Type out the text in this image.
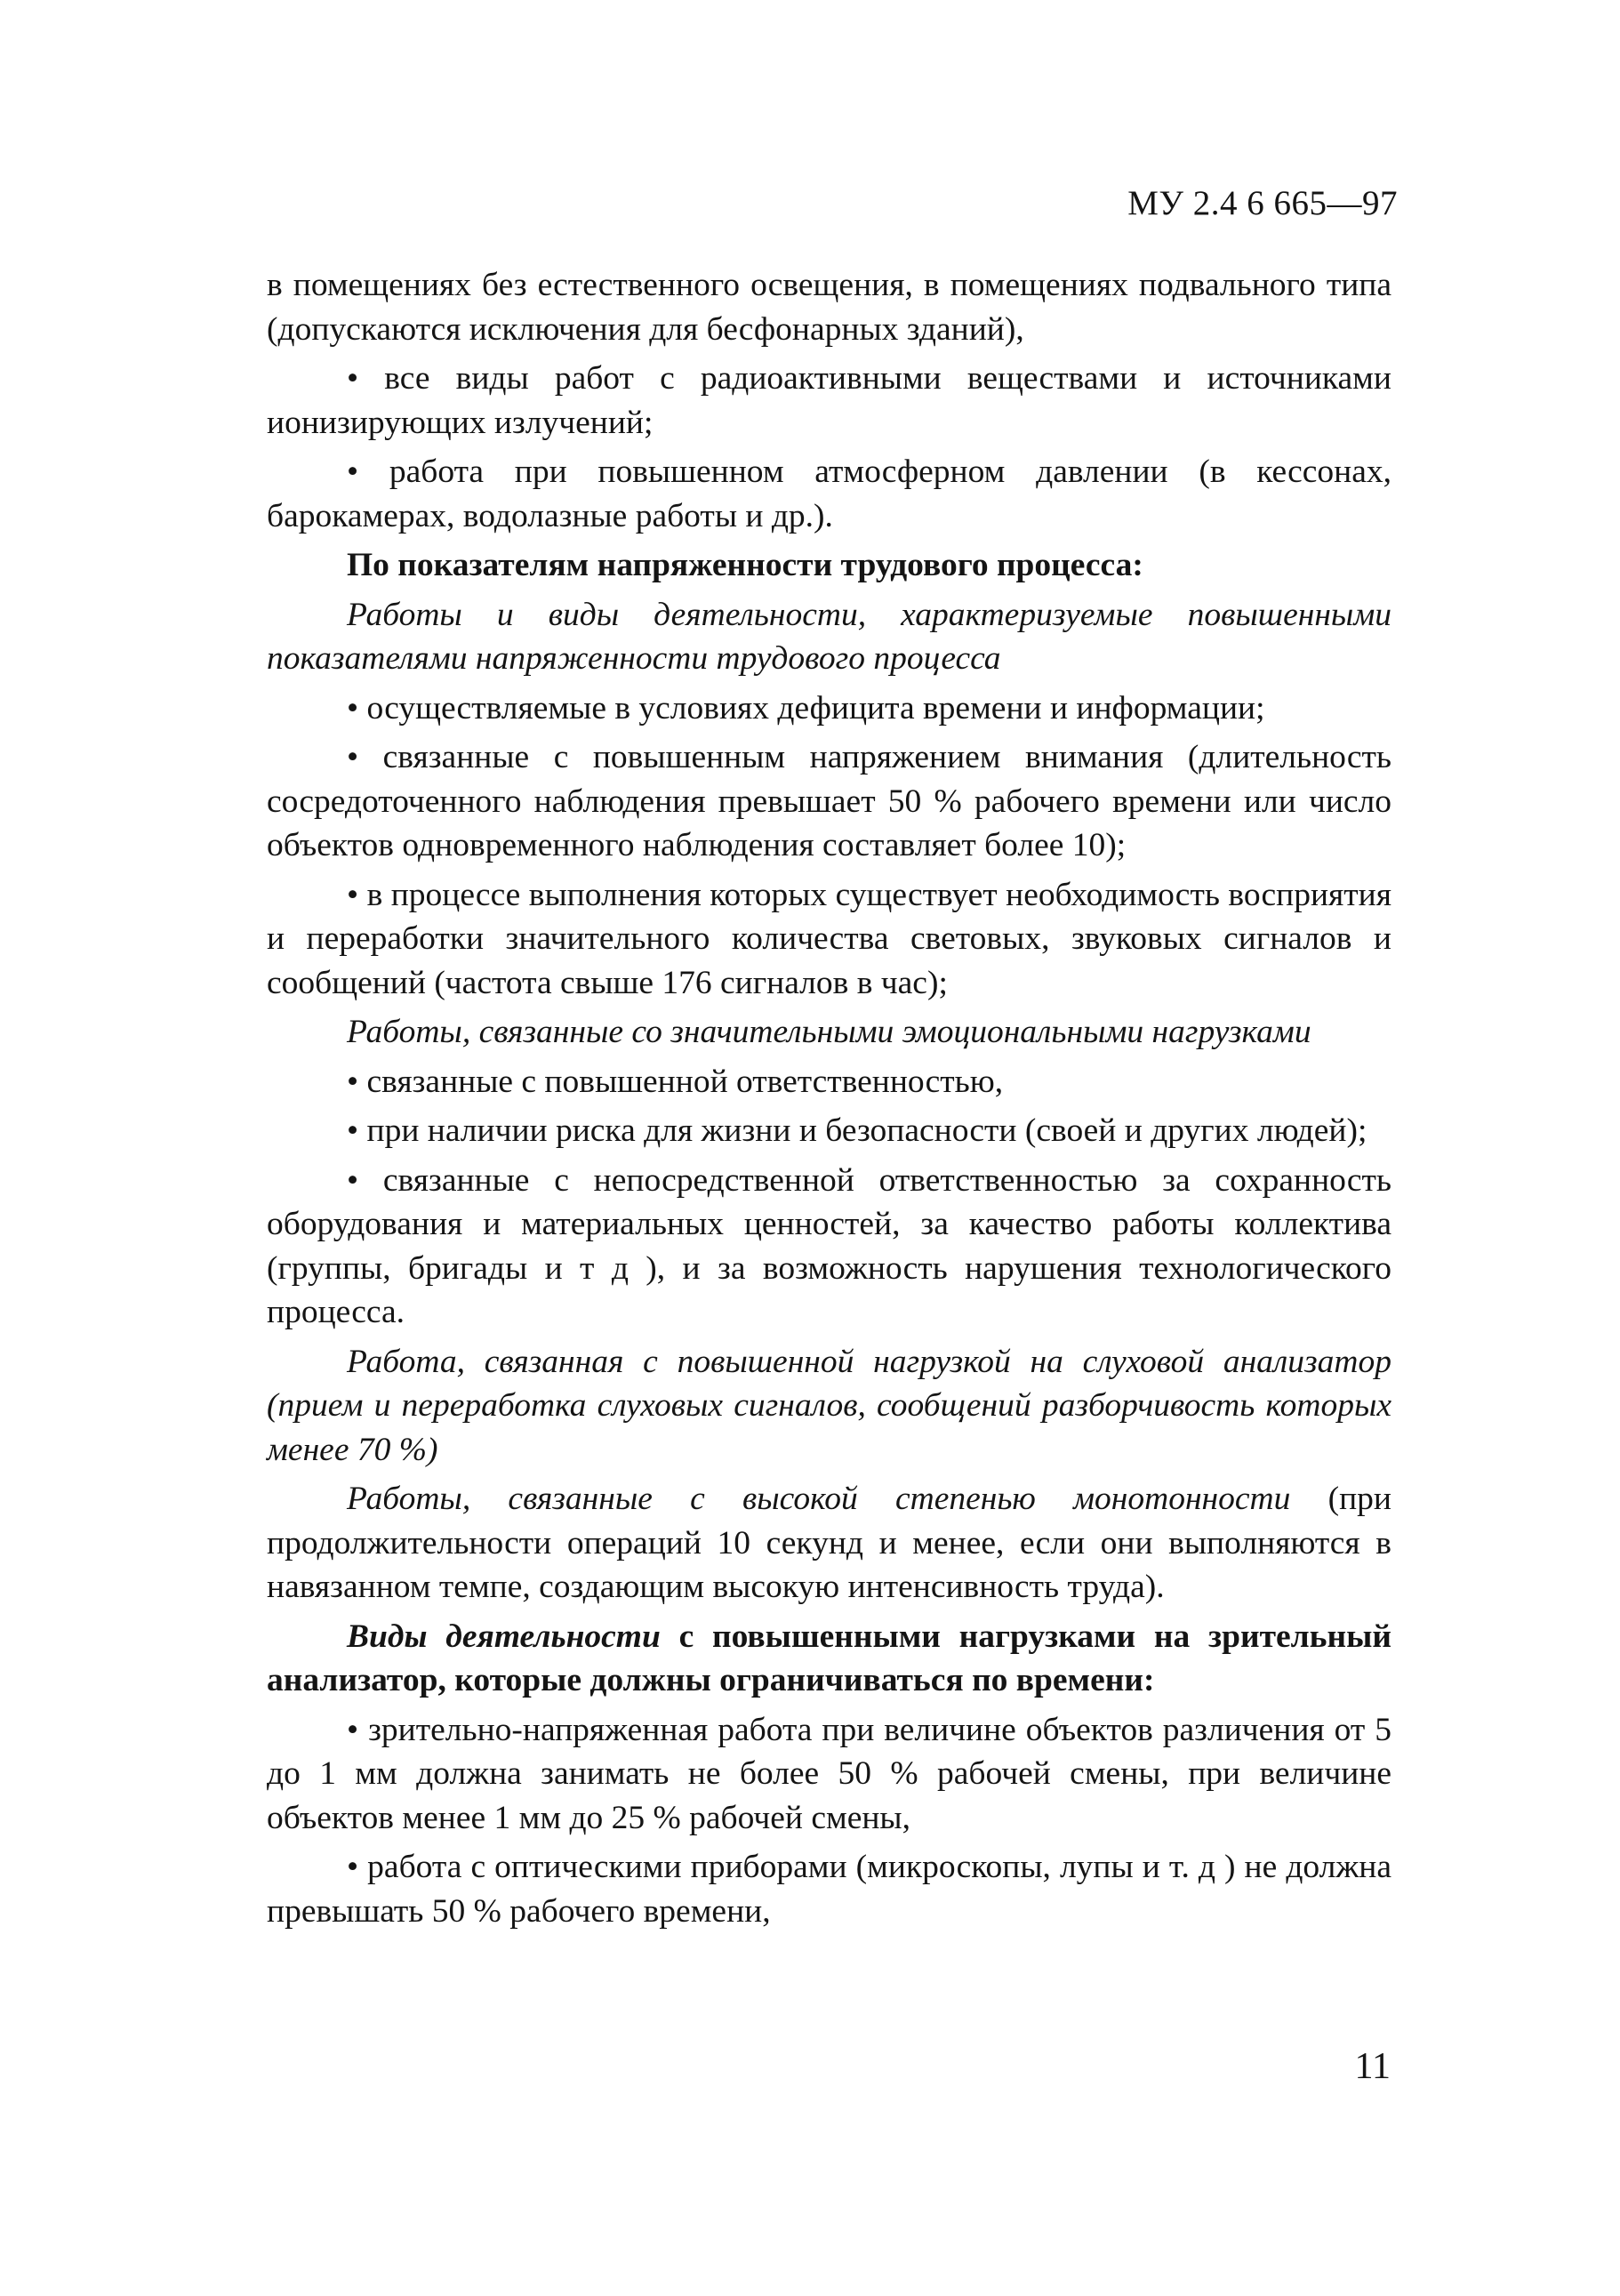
МУ 2.4 6 665—97

в помещениях без естественного освещения, в помещениях подвального типа (допускаются исключения для бесфонарных зданий),

• все виды работ с радиоактивными веществами и источниками ионизирующих излучений;

• работа при повышенном атмосферном давлении (в кессонах, барокамерах, водолазные работы и др.).

По показателям напряженности трудового процесса:

Работы и виды деятельности, характеризуемые повышенными показателями напряженности трудового процесса

• осуществляемые в условиях дефицита времени и информации;

• связанные с повышенным напряжением внимания (длительность сосредоточенного наблюдения превышает 50 % рабочего времени или число объектов одновременного наблюдения составляет более 10);

• в процессе выполнения которых существует необходимость восприятия и переработки значительного количества световых, звуковых сигналов и сообщений (частота свыше 176 сигналов в час);

Работы, связанные со значительными эмоциональными нагрузками

• связанные с повышенной ответственностью,

• при наличии риска для жизни и безопасности (своей и других людей);

• связанные с непосредственной ответственностью за сохранность оборудования и материальных ценностей, за качество работы коллектива (группы, бригады и т д ), и за возможность нарушения технологического процесса.

Работа, связанная с повышенной нагрузкой на слуховой анализатор (прием и переработка слуховых сигналов, сообщений разборчивость которых менее 70 %)

Работы, связанные с высокой степенью монотонности (при продолжительности операций 10 секунд и менее, если они выполняются в навязанном темпе, создающим высокую интенсивность труда).

Виды деятельности с повышенными нагрузками на зрительный анализатор, которые должны ограничиваться по времени:

• зрительно-напряженная работа при величине объектов различения от 5 до 1 мм должна занимать не более 50 % рабочей смены, при величине объектов менее 1 мм до 25 % рабочей смены,

• работа с оптическими приборами (микроскопы, лупы и т. д ) не должна превышать 50 % рабочего времени,

11
